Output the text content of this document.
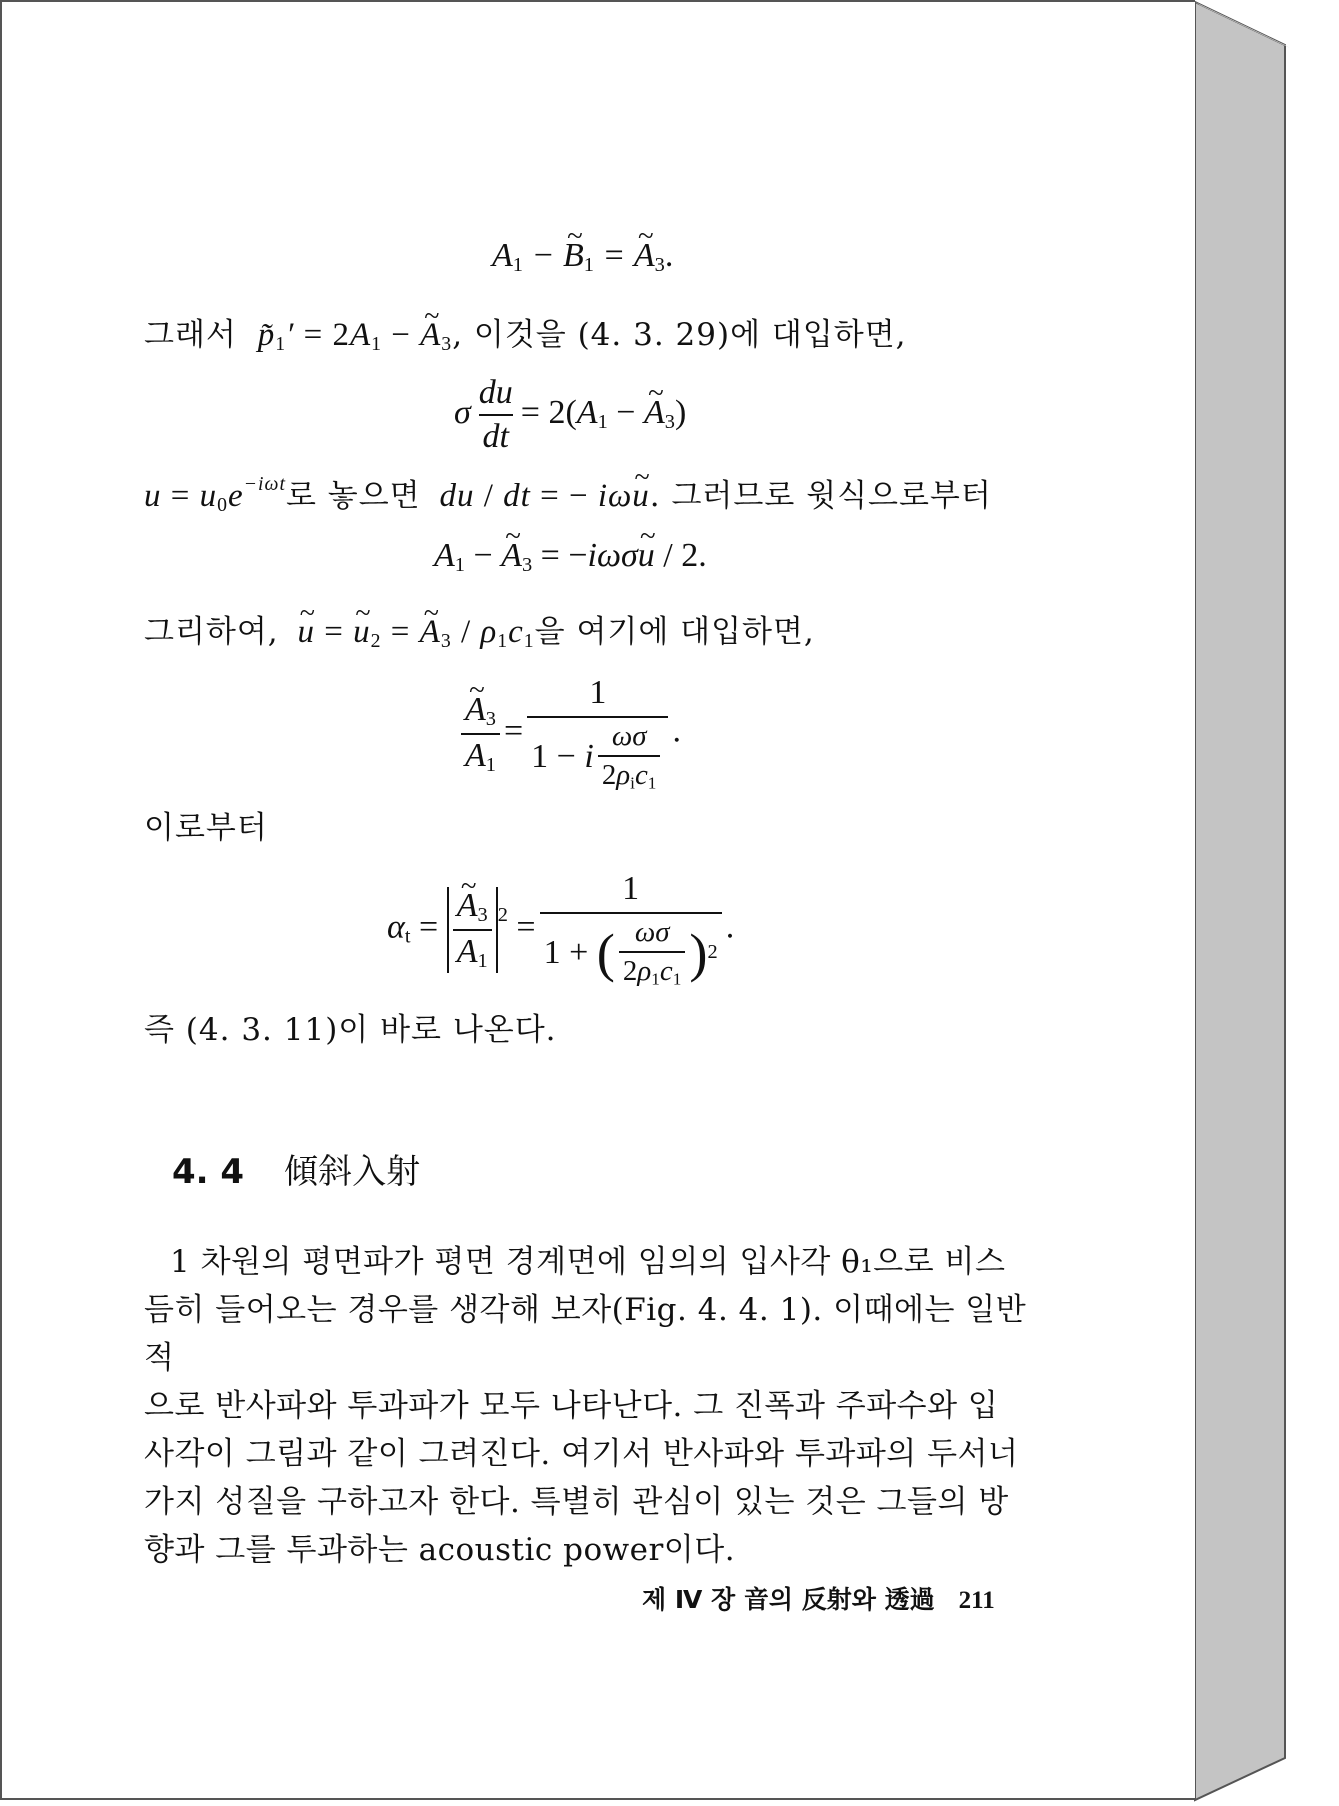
$A_1$ − ~ $B_1$ = ~ $A_3$.
그래서 $p̃_1' = 2A_1$ − ~ $A_3$, 이것을 (4. 3. 29)에 대입하면,
σ $\frac{du}{dt} = 2(A_1$ − ~ $A_3$)
$u = u_0e^{-i\omega t}$로 놓으면 du / dt = − iω~ u. 그러므로 윗식으로부터
$A_1$ − ~ $A_3$ = −iωσ~ u / 2.
그리하여, ~ u = ~ $u_2$ = ~ $A_3 / \rho_1c_1$을 여기에 대입하면,
~ $\frac{A_3}{A_1} = \frac{1}{1 - i \frac{\omega\sigma}{2\rho_ic_1}}$ .
이로부터
$\alpha_t$ = ~ $\frac{A_3}{A_1} ^2 = 1$
1 +
( $\frac{\omega\sigma}{2\rho_1c_1}$ ) 2 .
즉 (4. 3. 11)이 바로 나온다.
4. 4 傾斜入射
1 차원의 평면파가 평면 경계면에 임의의 입사각 θ₁으로 비스
듬히 들어오는 경우를 생각해 보자(Fig. 4. 4. 1). 이때에는 일반적
으로 반사파와 투과파가 모두 나타난다. 그 진폭과 주파수와 입
사각이 그림과 같이 그려진다. 여기서 반사파와 투과파의 두서너
가지 성질을 구하고자 한다. 특별히 관심이 있는 것은 그들의 방
향과 그를 투과하는 acoustic power이다.
제 Ⅳ 장 音의 反射와 透過 211
